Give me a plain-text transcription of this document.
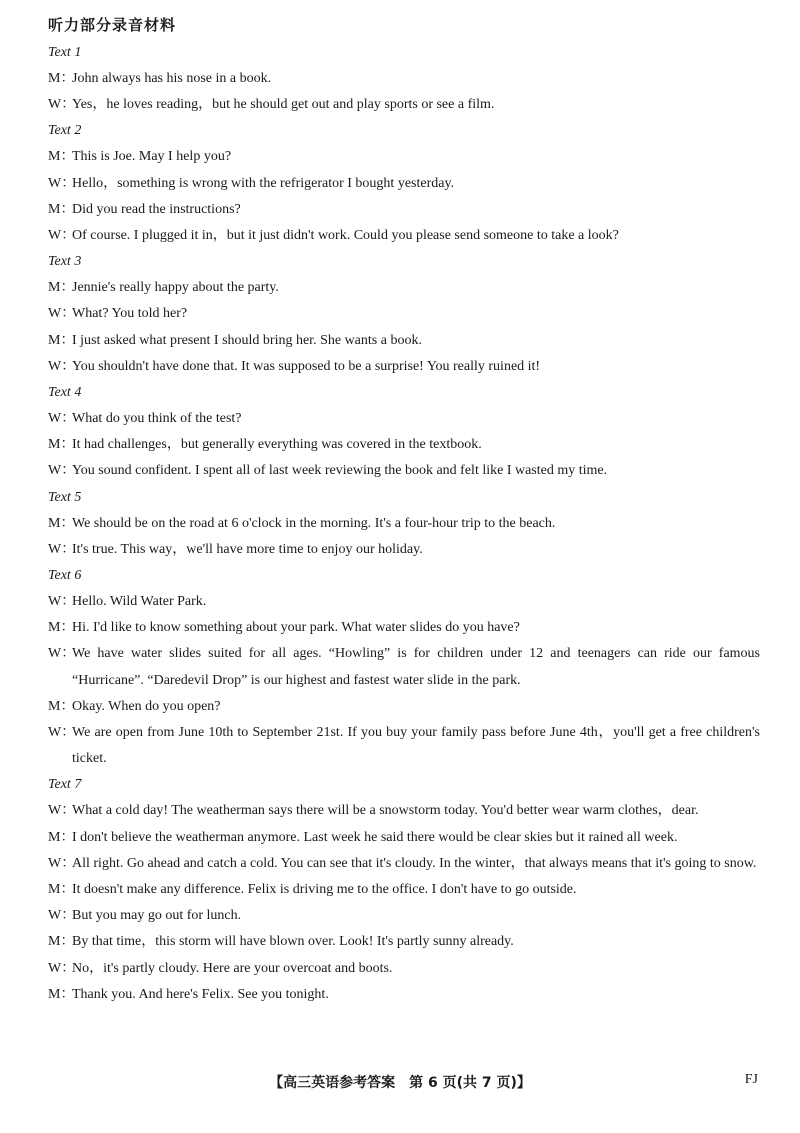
听力部分录音材料
Text 1
M：
John always has his nose in a book.
W：
Yes，he loves reading，but he should get out and play sports or see a film.
Text 2
M：
This is Joe. May I help you?
W：
Hello，something is wrong with the refrigerator I bought yesterday.
M：
Did you read the instructions?
W：
Of course. I plugged it in，but it just didn't work. Could you please send someone to take a look?
Text 3
M：
Jennie's really happy about the party.
W：
What? You told her?
M：
I just asked what present I should bring her. She wants a book.
W：
You shouldn't have done that. It was supposed to be a surprise! You really ruined it!
Text 4
W：
What do you think of the test?
M：
It had challenges，but generally everything was covered in the textbook.
W：
You sound confident. I spent all of last week reviewing the book and felt like I wasted my time.
Text 5
M：
We should be on the road at 6 o'clock in the morning. It's a four-hour trip to the beach.
W：
It's true. This way，we'll have more time to enjoy our holiday.
Text 6
W：
Hello. Wild Water Park.
M：
Hi. I'd like to know something about your park. What water slides do you have?
W：
We have water slides suited for all ages. “Howling” is for children under 12 and teenagers can ride our famous “Hurricane”. “Daredevil Drop” is our highest and fastest water slide in the park.
M：
Okay. When do you open?
W：
We are open from June 10th to September 21st. If you buy your family pass before June 4th，you'll get a free children's ticket.
Text 7
W：
What a cold day! The weatherman says there will be a snowstorm today. You'd better wear warm clothes，dear.
M：
I don't believe the weatherman anymore. Last week he said there would be clear skies but it rained all week.
W：
All right. Go ahead and catch a cold. You can see that it's cloudy. In the winter，that always means that it's going to snow.
M：
It doesn't make any difference. Felix is driving me to the office. I don't have to go outside.
W：
But you may go out for lunch.
M：
By that time，this storm will have blown over. Look! It's partly sunny already.
W：
No，it's partly cloudy. Here are your overcoat and boots.
M：
Thank you. And here's Felix. See you tonight.
【高三英语参考答案　第 6 页(共 7 页)】	FJ
